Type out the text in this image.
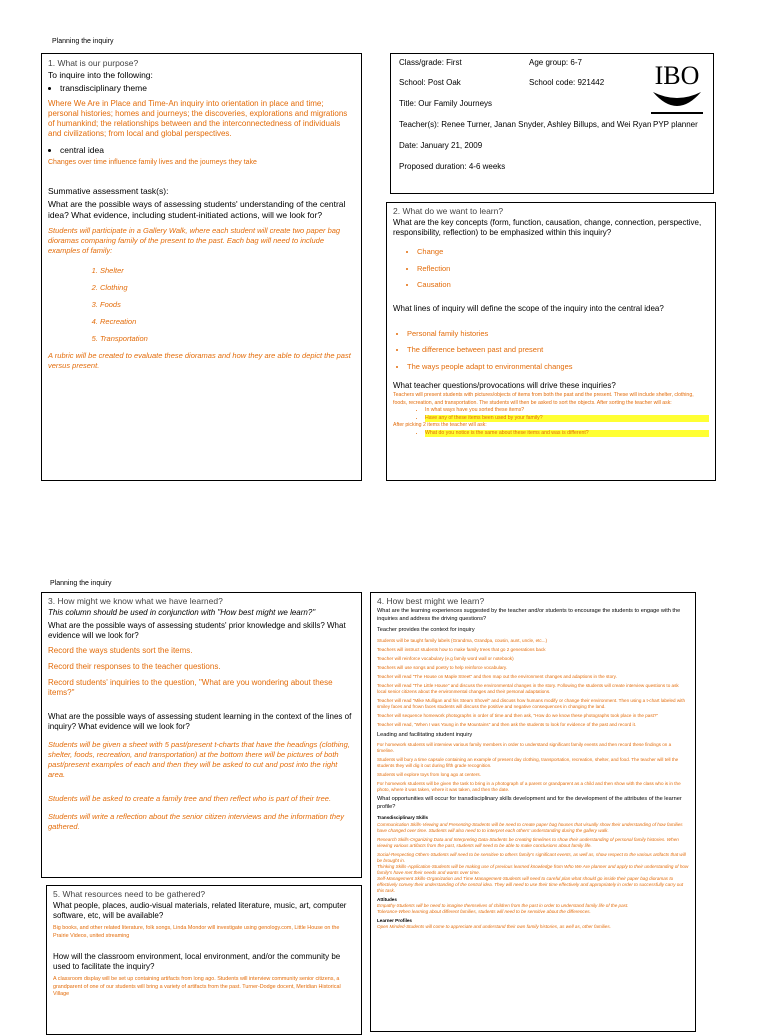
Planning the inquiry
1. What is our purpose?
To inquire into the following:
• transdisciplinary theme
Where We Are in Place and Time-An inquiry into orientation in place and time; personal histories; homes and journeys; the discoveries, explorations and migrations of humankind; the relationships between and the interconnectedness of individuals and civilizations; from local and global perspectives.
• central idea
Changes over time influence family lives and the journeys they take
Summative assessment task(s):
What are the possible ways of assessing students' understanding of the central idea? What evidence, including student-initiated actions, will we look for?
Students will participate in a Gallery Walk, where each student will create two paper bag dioramas comparing family of the present to the past. Each bag will need to include examples of family:
1. Shelter
2. Clothing
3. Foods
4. Recreation
5. Transportation
A rubric will be created to evaluate these dioramas and how they are able to depict the past versus present.
Class/grade: First	Age group: 6-7
School: Post Oak	School code: 921442
Title: Our Family Journeys
Teacher(s): Renee Turner, Janan Snyder, Ashley Billups, and Wei Ryan PYP planner
Date: January 21, 2009
Proposed duration: 4-6 weeks
IBO
2. What do we want to learn?
What are the key concepts (form, function, causation, change, connection, perspective, responsibility, reflection) to be emphasized within this inquiry?
• Change
• Reflection
• Causation
What lines of inquiry will define the scope of the inquiry into the central idea?
• Personal family histories
• The difference between past and present
• The ways people adapt to environmental changes
What teacher questions/provocations will drive these inquiries?
Teachers will present students with pictures/objects of items from both the past and the present. These will include shelter, clothing, foods, recreation, and transportation. The students will then be asked to sort the objects. After sorting the teacher will ask:
• In what ways have you sorted these items?
• Have any of these items been used by your family?
After picking 2 items the teacher will ask:
• What do you notice is the same about these items and was is different?
Planning the inquiry
3. How might we know what we have learned?
This column should be used in conjunction with "How best might we learn?"
What are the possible ways of assessing students' prior knowledge and skills? What evidence will we look for?
Record the ways students sort the items.
Record their responses to the teacher questions.
Record students' inquiries to the question, "What are you wondering about these items?"
What are the possible ways of assessing student learning in the context of the lines of inquiry? What evidence will we look for?
Students will be given a sheet with 5 past/present t-charts that have the headings (clothing, shelter, foods, recreation, and transportation) at the bottom there will be pictures of both past/present examples of each and then they will be asked to cut and post into the right area.
Students will be asked to create a family tree and then reflect who is part of their tree.
Students will write a reflection about the senior citizen interviews and the information they gathered.
4. How best might we learn?
What are the learning experiences suggested by the teacher and/or students to encourage the students to engage with the inquiries and address the driving questions?
Teacher provides the context for inquiry
Students will be taught family labels (Grandma, Grandpa, cousin, aunt, uncle, etc...)
Teachers will instruct students how to make family trees that go 2 generations back
Teacher will reinforce vocabulary (e.g family word wall or notebook)
Teachers will use songs and poetry to help reinforce vocabulary.
Teacher will read "The House on Maple Street" and then map out the environment changes and adaptions in the story.
Teacher will read "The Little House" and discuss the environmental changes in the story. Following the students will create interview questions to ask local senior citizens about the environmental changes and their personal adaptations.
Teacher will read "Mike Mulligan and his Steam Shovel" and discuss how humans modify or change their environment. Then using a t-chart labeled with smiley faces and frown faces students will discuss the positive and negative consequences in changing the land.
Teacher will sequence homework photographs in order of time and then ask, "How do we know these photographs took place in the past?"
Teacher will read, "When I was Young in the Mountains" and then ask the students to look for evidence of the past and record it.
Leading and facilitating student inquiry
For homework students will interview various family members in order to understand significant family events and then record these findings on a timeline.
Students will bury a time capsule containing an example of present day clothing, transportation, recreation, shelter, and food. The teacher will tell the students they will dig it out during fifth grade recognition.
Students will explore toys from long ago at centers.
For homework students will be given the task to bring in a photograph of a parent or grandparent as a child and then show with the class who is in the photo, where it was taken, where it was taken, and then the date.
What opportunities will occur for transdisciplinary skills development and for the development of the attributes of the learner profile?
Transdisciplinary Skills
Communication Skills-Viewing and Presenting-Students will be need to create paper bag houses that visually show their understanding of how families have changed over time. Students will also need to to interpret each others' understanding during the gallery walk.
Research Skills-Organizing Data and Interpreting Data-Students be creating timelines to show their understanding of personal family histories. When viewing various artifacts from the past, students will need to be able to make conclusions about family life.
Social-Respecting Others-Students will need to be sensitive to others family's significant events, as well as, show respect to the various artifacts that will be brought in.
Thinking Skills-Application-Students will be making use of previous learned knowledge from Who We Are planner and apply to their understanding of how family's have met their needs and wants over time.
Self-Management Skills-Organization and Time Management-Students will need to careful plan what should go inside their paper bag dioramas to effectively convey their understanding of the central idea. They will need to use their time effectively and appropriately in order to successfully carry out this task.
Attitudes
Empathy-Students will be need to imagine themselves of children from the past in order to understand family life of the past.
Tolerance-When learning about different families, students will need to be sensitive about the differences.
Learner Profiles
Open Minded-Students will come to appreciate and understand their own family histories, as well as, other families.
5. What resources need to be gathered?
What people, places, audio-visual materials, related literature, music, art, computer software, etc, will be available?
Big books, and other related literature, folk songs, Linda Mondor will investigate using genology.com, Little House on the Prairie Videos, united streaming
How will the classroom environment, local environment, and/or the community be used to facilitate the inquiry?
A classroom display will be set up containing artifacts from long ago. Students will interview community senior citizens, a grandparent of one of our students will bring a variety of artifacts from the past. Turner-Dodge docent, Meridian Historical Village
